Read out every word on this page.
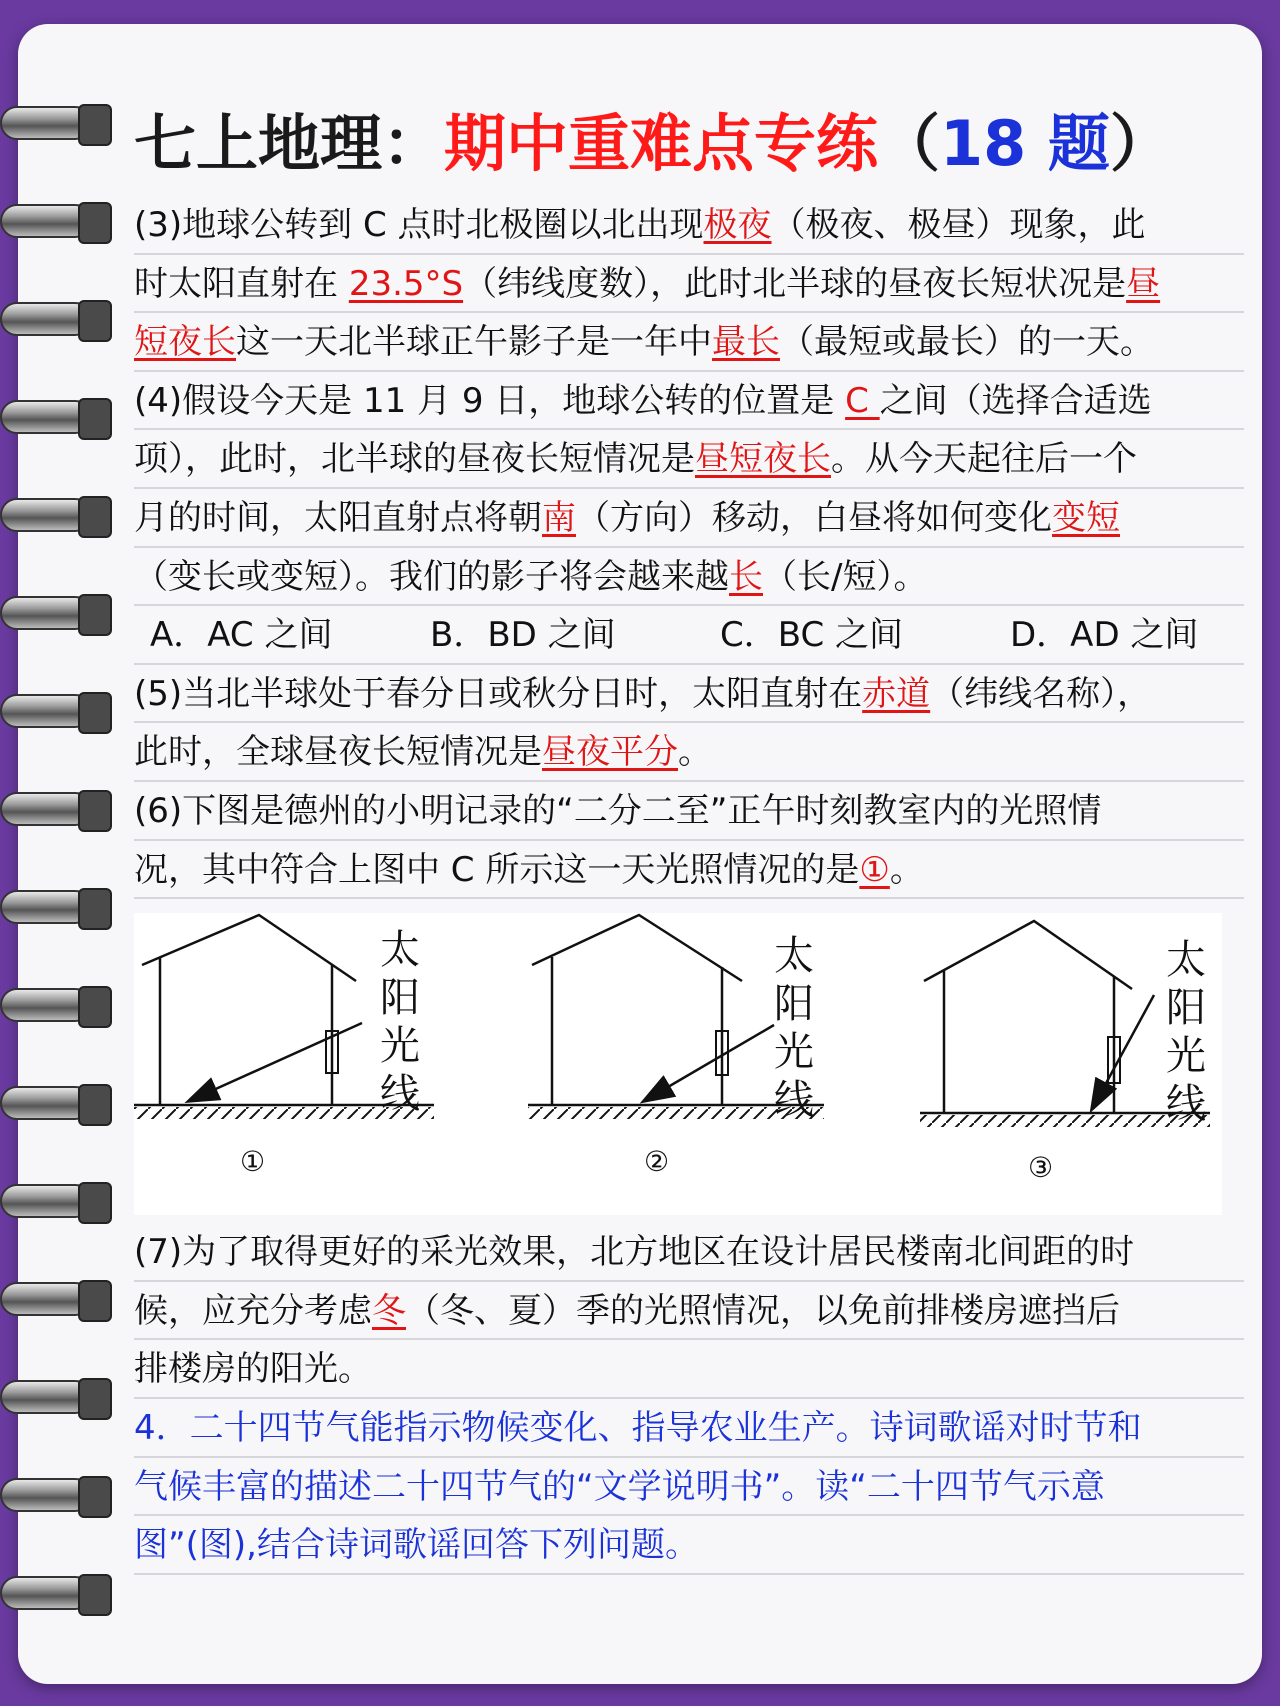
七上地理：期中重难点专练（18 题）
(3)地球公转到 C 点时北极圈以北出现极夜（极夜、极昼）现象，此
时太阳直射在 23.5°S（纬线度数），此时北半球的昼夜长短状况是昼
短夜长这一天北半球正午影子是一年中最长（最短或最长）的一天。
(4)假设今天是 11 月 9 日，地球公转的位置是 C 之间（选择合适选
项），此时，北半球的昼夜长短情况是昼短夜长。从今天起往后一个
月的时间，太阳直射点将朝南（方向）移动，白昼将如何变化变短
（变长或变短）。我们的影子将会越来越长（长/短）。
A．AC 之间	B．BD 之间	C．BC 之间	D．AD 之间
(5)当北半球处于春分日或秋分日时，太阳直射在赤道（纬线名称），
此时，全球昼夜长短情况是昼夜平分。
(6)下图是德州的小明记录的“二分二至”正午时刻教室内的光照情
况，其中符合上图中 C 所示这一天光照情况的是①。
太
阳
光
线
①
太
阳
光
线
②
太
阳
光
线
③
(7)为了取得更好的采光效果，北方地区在设计居民楼南北间距的时
候，应充分考虑冬（冬、夏）季的光照情况，以免前排楼房遮挡后
排楼房的阳光。
4．二十四节气能指示物候变化、指导农业生产。诗词歌谣对时节和
气候丰富的描述二十四节气的“文学说明书”。读“二十四节气示意
图”(图),结合诗词歌谣回答下列问题。
